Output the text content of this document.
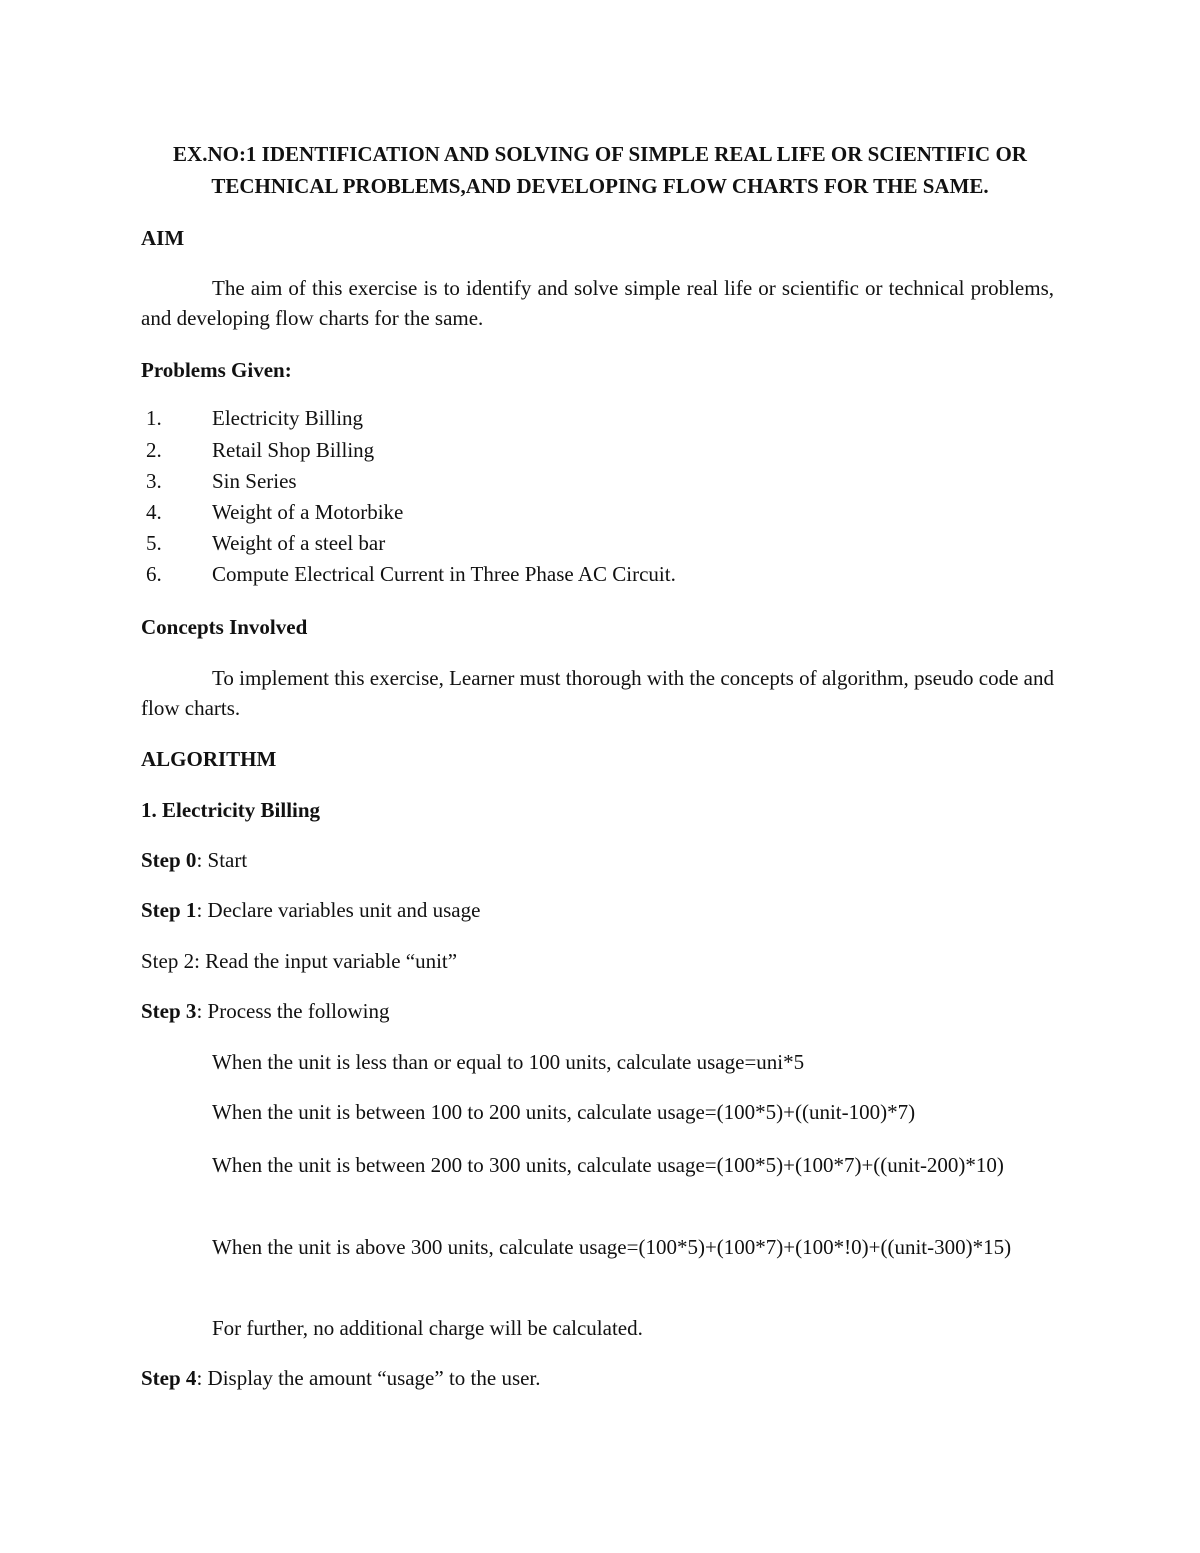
EX.NO:1 IDENTIFICATION AND SOLVING OF SIMPLE REAL LIFE OR SCIENTIFIC OR
TECHNICAL PROBLEMS,AND DEVELOPING FLOW CHARTS FOR THE SAME.
AIM
The aim of this exercise is to identify and solve simple real life or scientific or technical problems, and developing flow charts for the same.
Problems Given:
1. Electricity Billing
2. Retail Shop Billing
3. Sin Series
4. Weight of a Motorbike
5. Weight of a steel bar
6. Compute Electrical Current in Three Phase AC Circuit.
Concepts Involved
To implement this exercise, Learner must thorough with the concepts of algorithm, pseudo code and flow charts.
ALGORITHM
1. Electricity Billing
Step 0: Start
Step 1: Declare variables unit and usage
Step 2: Read the input variable “unit”
Step 3: Process the following
When the unit is less than or equal to 100 units, calculate usage=uni*5
When the unit is between 100 to 200 units, calculate usage=(100*5)+((unit-100)*7)
When the unit is between 200 to 300 units, calculate usage=(100*5)+(100*7)+((unit-200)*10)
When the unit is above 300 units, calculate usage=(100*5)+(100*7)+(100*!0)+((unit-300)*15)
For further, no additional charge will be calculated.
Step 4: Display the amount “usage” to the user.
